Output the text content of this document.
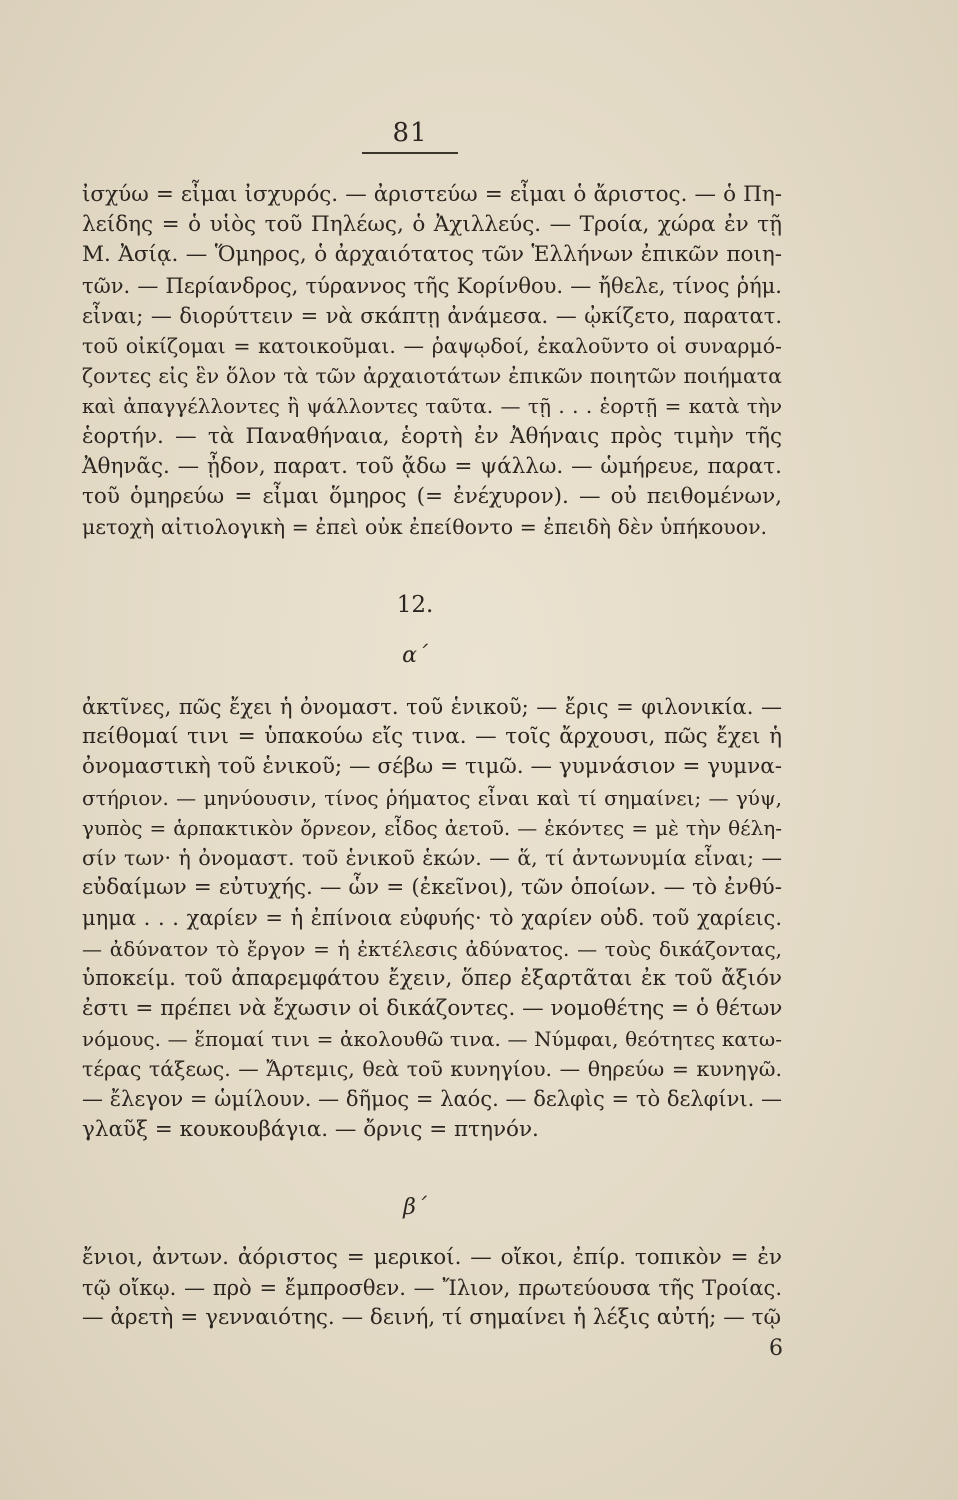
81
ἰσχύω = εἶμαι ἰσχυρός. — ἀριστεύω = εἶμαι ὁ ἄριστος. — ὁ Πη-
λείδης = ὁ υἱὸς τοῦ Πηλέως, ὁ Ἀχιλλεύς. — Τροία, χώρα ἐν τῇ
Μ. Ἀσίᾳ. — Ὅμηρος, ὁ ἀρχαιότατος τῶν Ἑλλήνων ἐπικῶν ποιη-
τῶν. — Περίανδρος, τύραννος τῆς Κορίνθου. — ἤθελε, τίνος ῥήμ.
εἶναι; — διορύττειν = νὰ σκάπτῃ ἀνάμεσα. — ᾠκίζετο, παρατατ.
τοῦ οἰκίζομαι = κατοικοῦμαι. — ῥαψῳδοί, ἐκαλοῦντο οἱ συναρμό-
ζοντες εἰς ἓν ὅλον τὰ τῶν ἀρχαιοτάτων ἐπικῶν ποιητῶν ποιήματα
καὶ ἀπαγγέλλοντες ἢ ψάλλοντες ταῦτα. — τῇ . . . ἑορτῇ = κατὰ τὴν
ἑορτήν. — τὰ Παναθήναια, ἑορτὴ ἐν Ἀθήναις πρὸς τιμὴν τῆς
Ἀθηνᾶς. — ᾖδον, παρατ. τοῦ ᾄδω = ψάλλω. — ὡμήρευε, παρατ.
τοῦ ὁμηρεύω = εἶμαι ὅμηρος (= ἐνέχυρον). — οὐ πειθομένων,
μετοχὴ αἰτιολογικὴ = ἐπεὶ οὐκ ἐπείθοντο = ἐπειδὴ δὲν ὑπήκουον.
12.
α΄
ἀκτῖνες, πῶς ἔχει ἡ ὀνομαστ. τοῦ ἑνικοῦ; — ἔρις = φιλονικία. —
πείθομαί τινι = ὑπακούω εἴς τινα. — τοῖς ἄρχουσι, πῶς ἔχει ἡ
ὀνομαστικὴ τοῦ ἑνικοῦ; — σέβω = τιμῶ. — γυμνάσιον = γυμνα-
στήριον. — μηνύουσιν, τίνος ῥήματος εἶναι καὶ τί σημαίνει; — γύψ,
γυπὸς = ἁρπακτικὸν ὄρνεον, εἶδος ἀετοῦ. — ἑκόντες = μὲ τὴν θέλη-
σίν των· ἡ ὀνομαστ. τοῦ ἑνικοῦ ἑκών. — ἅ, τί ἀντωνυμία εἶναι; —
εὐδαίμων = εὐτυχής. — ὧν = (ἐκεῖνοι), τῶν ὁποίων. — τὸ ἐνθύ-
μημα . . . χαρίεν = ἡ ἐπίνοια εὐφυής· τὸ χαρίεν οὐδ. τοῦ χαρίεις.
— ἀδύνατον τὸ ἔργον = ἡ ἐκτέλεσις ἀδύνατος. — τοὺς δικάζοντας,
ὑποκείμ. τοῦ ἀπαρεμφάτου ἔχειν, ὅπερ ἐξαρτᾶται ἐκ τοῦ ἄξιόν
ἐστι = πρέπει νὰ ἔχωσιν οἱ δικάζοντες. — νομοθέτης = ὁ θέτων
νόμους. — ἕπομαί τινι = ἀκολουθῶ τινα. — Νύμφαι, θεότητες κατω-
τέρας τάξεως. — Ἄρτεμις, θεὰ τοῦ κυνηγίου. — θηρεύω = κυνηγῶ.
— ἔλεγον = ὡμίλουν. — δῆμος = λαός. — δελφὶς = τὸ δελφίνι. —
γλαῦξ = κουκουβάγια. — ὄρνις = πτηνόν.
β΄
ἔνιοι, ἀντων. ἀόριστος = μερικοί. — οἴκοι, ἐπίρ. τοπικὸν = ἐν
τῷ οἴκῳ. — πρὸ = ἔμπροσθεν. — Ἴλιον, πρωτεύουσα τῆς Τροίας.
— ἀρετὴ = γενναιότης. — δεινή, τί σημαίνει ἡ λέξις αὐτή; — τῷ
6
